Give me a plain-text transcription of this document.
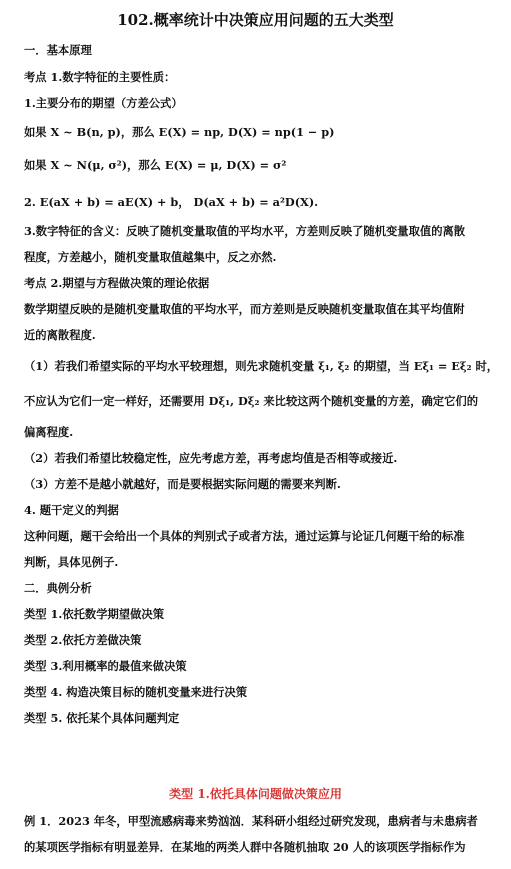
102.概率统计中决策应用问题的五大类型
一．基本原理
考点 1.数字特征的主要性质：
1.主要分布的期望（方差公式）
如果 X ~ B(n, p)，那么 E(X) = np, D(X) = np(1 − p)
如果 X ~ N(μ, σ²)，那么 E(X) = μ, D(X) = σ²
2. E(aX + b) = aE(X) + b， D(aX + b) = a²D(X).
3.数字特征的含义：反映了随机变量取值的平均水平，方差则反映了随机变量取值的离散
程度，方差越小，随机变量取值越集中，反之亦然.
考点 2.期望与方程做决策的理论依据
数学期望反映的是随机变量取值的平均水平，而方差则是反映随机变量取值在其平均值附
近的离散程度.
（1）若我们希望实际的平均水平较理想，则先求随机变量 ξ₁, ξ₂ 的期望，当 Eξ₁ = Eξ₂ 时，
不应认为它们一定一样好，还需要用 Dξ₁, Dξ₂ 来比较这两个随机变量的方差，确定它们的
偏离程度.
（2）若我们希望比较稳定性，应先考虑方差，再考虑均值是否相等或接近.
（3）方差不是越小就越好，而是要根据实际问题的需要来判断.
4. 题干定义的判据
这种问题，题干会给出一个具体的判别式子或者方法，通过运算与论证几何题干给的标准
判断，具体见例子.
二．典例分析
类型 1.依托数学期望做决策
类型 2.依托方差做决策
类型 3.利用概率的最值来做决策
类型 4. 构造决策目标的随机变量来进行决策
类型 5. 依托某个具体问题判定
类型 1.依托具体问题做决策应用
例 1．2023 年冬，甲型流感病毒来势汹汹．某科研小组经过研究发现，患病者与未患病者
的某项医学指标有明显差异．在某地的两类人群中各随机抽取 20 人的该项医学指标作为
